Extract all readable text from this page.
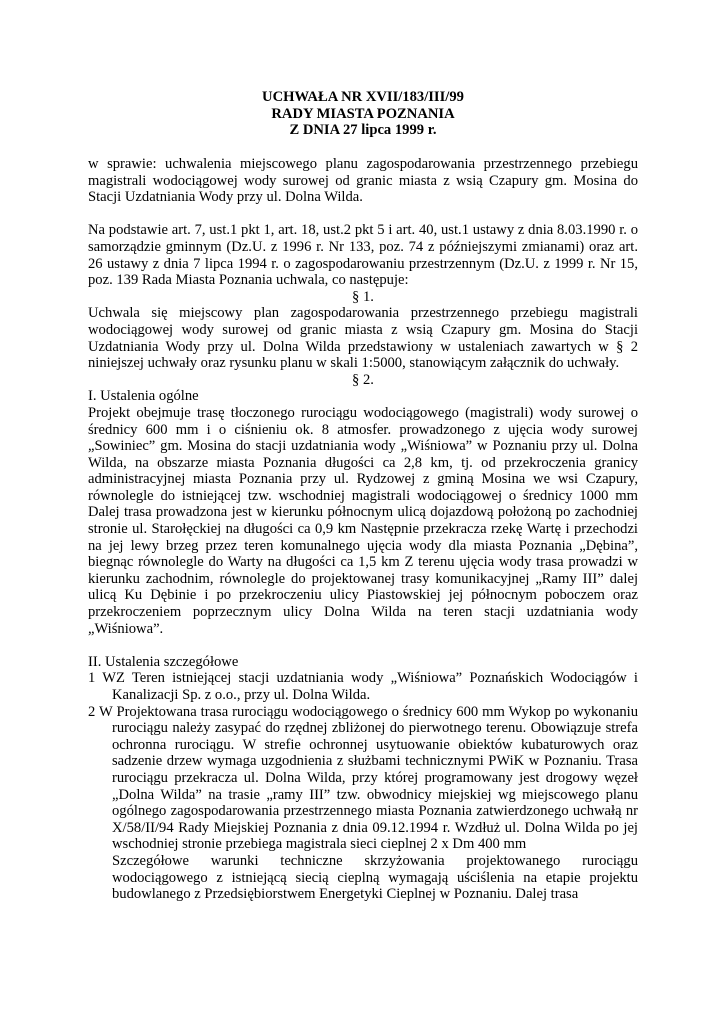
UCHWAŁA NR XVII/183/III/99
RADY MIASTA POZNANIA
Z DNIA 27 lipca 1999 r.

w sprawie: uchwalenia miejscowego planu zagospodarowania przestrzennego przebiegu magistrali wodociągowej wody surowej od granic miasta z wsią Czapury gm. Mosina do Stacji Uzdatniania Wody przy ul. Dolna Wilda.

Na podstawie art. 7, ust.1 pkt 1, art. 18, ust.2 pkt 5 i art. 40, ust.1 ustawy z dnia 8.03.1990 r. o samorządzie gminnym (Dz.U. z 1996 r. Nr 133, poz. 74 z późniejszymi zmianami) oraz art. 26 ustawy z dnia 7 lipca 1994 r. o zagospodarowaniu przestrzennym (Dz.U. z 1999 r. Nr 15, poz. 139 Rada Miasta Poznania uchwala, co następuje:

§ 1.

Uchwala się miejscowy plan zagospodarowania przestrzennego przebiegu magistrali wodociągowej wody surowej od granic miasta z wsią Czapury gm. Mosina do Stacji Uzdatniania Wody przy ul. Dolna Wilda przedstawiony w ustaleniach zawartych w § 2 niniejszej uchwały oraz rysunku planu w skali 1:5000, stanowiącym załącznik do uchwały.

§ 2.

I. Ustalenia ogólne

Projekt obejmuje trasę tłoczonego rurociągu wodociągowego (magistrali) wody surowej o średnicy 600 mm i o ciśnieniu ok. 8 atmosfer. prowadzonego z ujęcia wody surowej „Sowiniec” gm. Mosina do stacji uzdatniania wody „Wiśniowa” w Poznaniu przy ul. Dolna Wilda, na obszarze miasta Poznania długości ca 2,8 km, tj. od przekroczenia granicy administracyjnej miasta Poznania przy ul. Rydzowej z gminą Mosina we wsi Czapury, równolegle do istniejącej tzw. wschodniej magistrali wodociągowej o średnicy 1000 mm Dalej trasa prowadzona jest w kierunku północnym ulicą dojazdową położoną po zachodniej stronie ul. Starołęckiej na długości ca 0,9 km Następnie przekracza rzekę Wartę i przechodzi na jej lewy brzeg przez teren komunalnego ujęcia wody dla miasta Poznania „Dębina”, biegnąc równolegle do Warty na długości ca 1,5 km Z terenu ujęcia wody trasa prowadzi w kierunku zachodnim, równolegle do projektowanej trasy komunikacyjnej „Ramy III” dalej ulicą Ku Dębinie i po przekroczeniu ulicy Piastowskiej jej północnym poboczem oraz przekroczeniem poprzecznym ulicy Dolna Wilda na teren stacji uzdatniania wody „Wiśniowa”.

II. Ustalenia szczegółowe

1 WZ Teren istniejącej stacji uzdatniania wody „Wiśniowa” Poznańskich Wodociągów i Kanalizacji Sp. z o.o., przy ul. Dolna Wilda.

2 W Projektowana trasa rurociągu wodociągowego o średnicy 600 mm Wykop po wykonaniu rurociągu należy zasypać do rzędnej zbliżonej do pierwotnego terenu. Obowiązuje strefa ochronna rurociągu. W strefie ochronnej usytuowanie obiektów kubaturowych oraz sadzenie drzew wymaga uzgodnienia z służbami technicznymi PWiK w Poznaniu. Trasa rurociągu przekracza ul. Dolna Wilda, przy której programowany jest drogowy węzeł „Dolna Wilda” na trasie „ramy III” tzw. obwodnicy miejskiej wg miejscowego planu ogólnego zagospodarowania przestrzennego miasta Poznania zatwierdzonego uchwałą nr X/58/II/94 Rady Miejskiej Poznania z dnia 09.12.1994 r. Wzdłuż ul. Dolna Wilda po jej wschodniej stronie przebiega magistrala sieci cieplnej 2 x Dm 400 mm

Szczegółowe warunki techniczne skrzyżowania projektowanego rurociągu wodociągowego z istniejącą siecią cieplną wymagają uściślenia na etapie projektu budowlanego z Przedsiębiorstwem Energetyki Cieplnej w Poznaniu. Dalej trasa
